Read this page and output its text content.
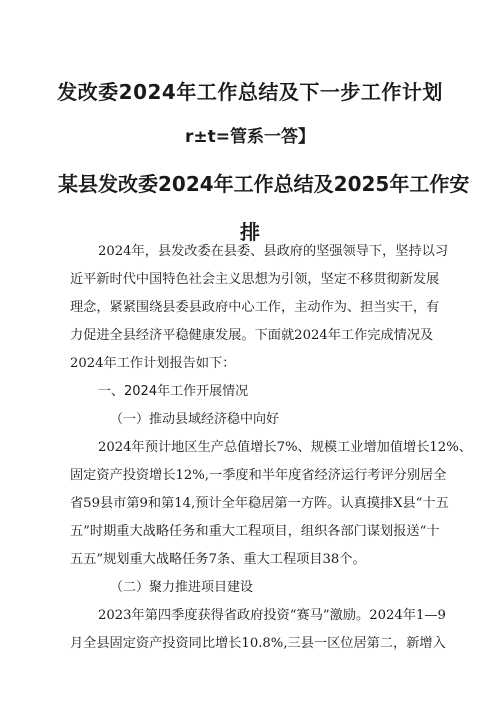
发改委2024年工作总结及下一步工作计划
r±t=管系一答】
某县发改委2024年工作总结及2025年工作安
排
2024年，县发改委在县委、县政府的坚强领导下，坚持以习
近平新时代中国特色社会主义思想为引领，坚定不移贯彻新发展
理念，紧紧围绕县委县政府中心工作，主动作为、担当实干，有
力促进全县经济平稳健康发展。下面就2024年工作完成情况及
2024年工作计划报告如下：
一、2024年工作开展情况
（一）推动县域经济稳中向好
2024年预计地区生产总值增长7%、规模工业增加值增长12%、
固定资产投资增长12%,一季度和半年度省经济运行考评分别居全
省59县市第9和第14,预计全年稳居第一方阵。认真摸排X县“十五
五”时期重大战略任务和重大工程项目，组织各部门谋划报送“十
五五”规划重大战略任务7条、重大工程项目38个。
（二）聚力推进项目建设
2023年第四季度获得省政府投资“赛马”激励。2024年1—9
月全县固定资产投资同比增长10.8%,三县一区位居第二，新增入
